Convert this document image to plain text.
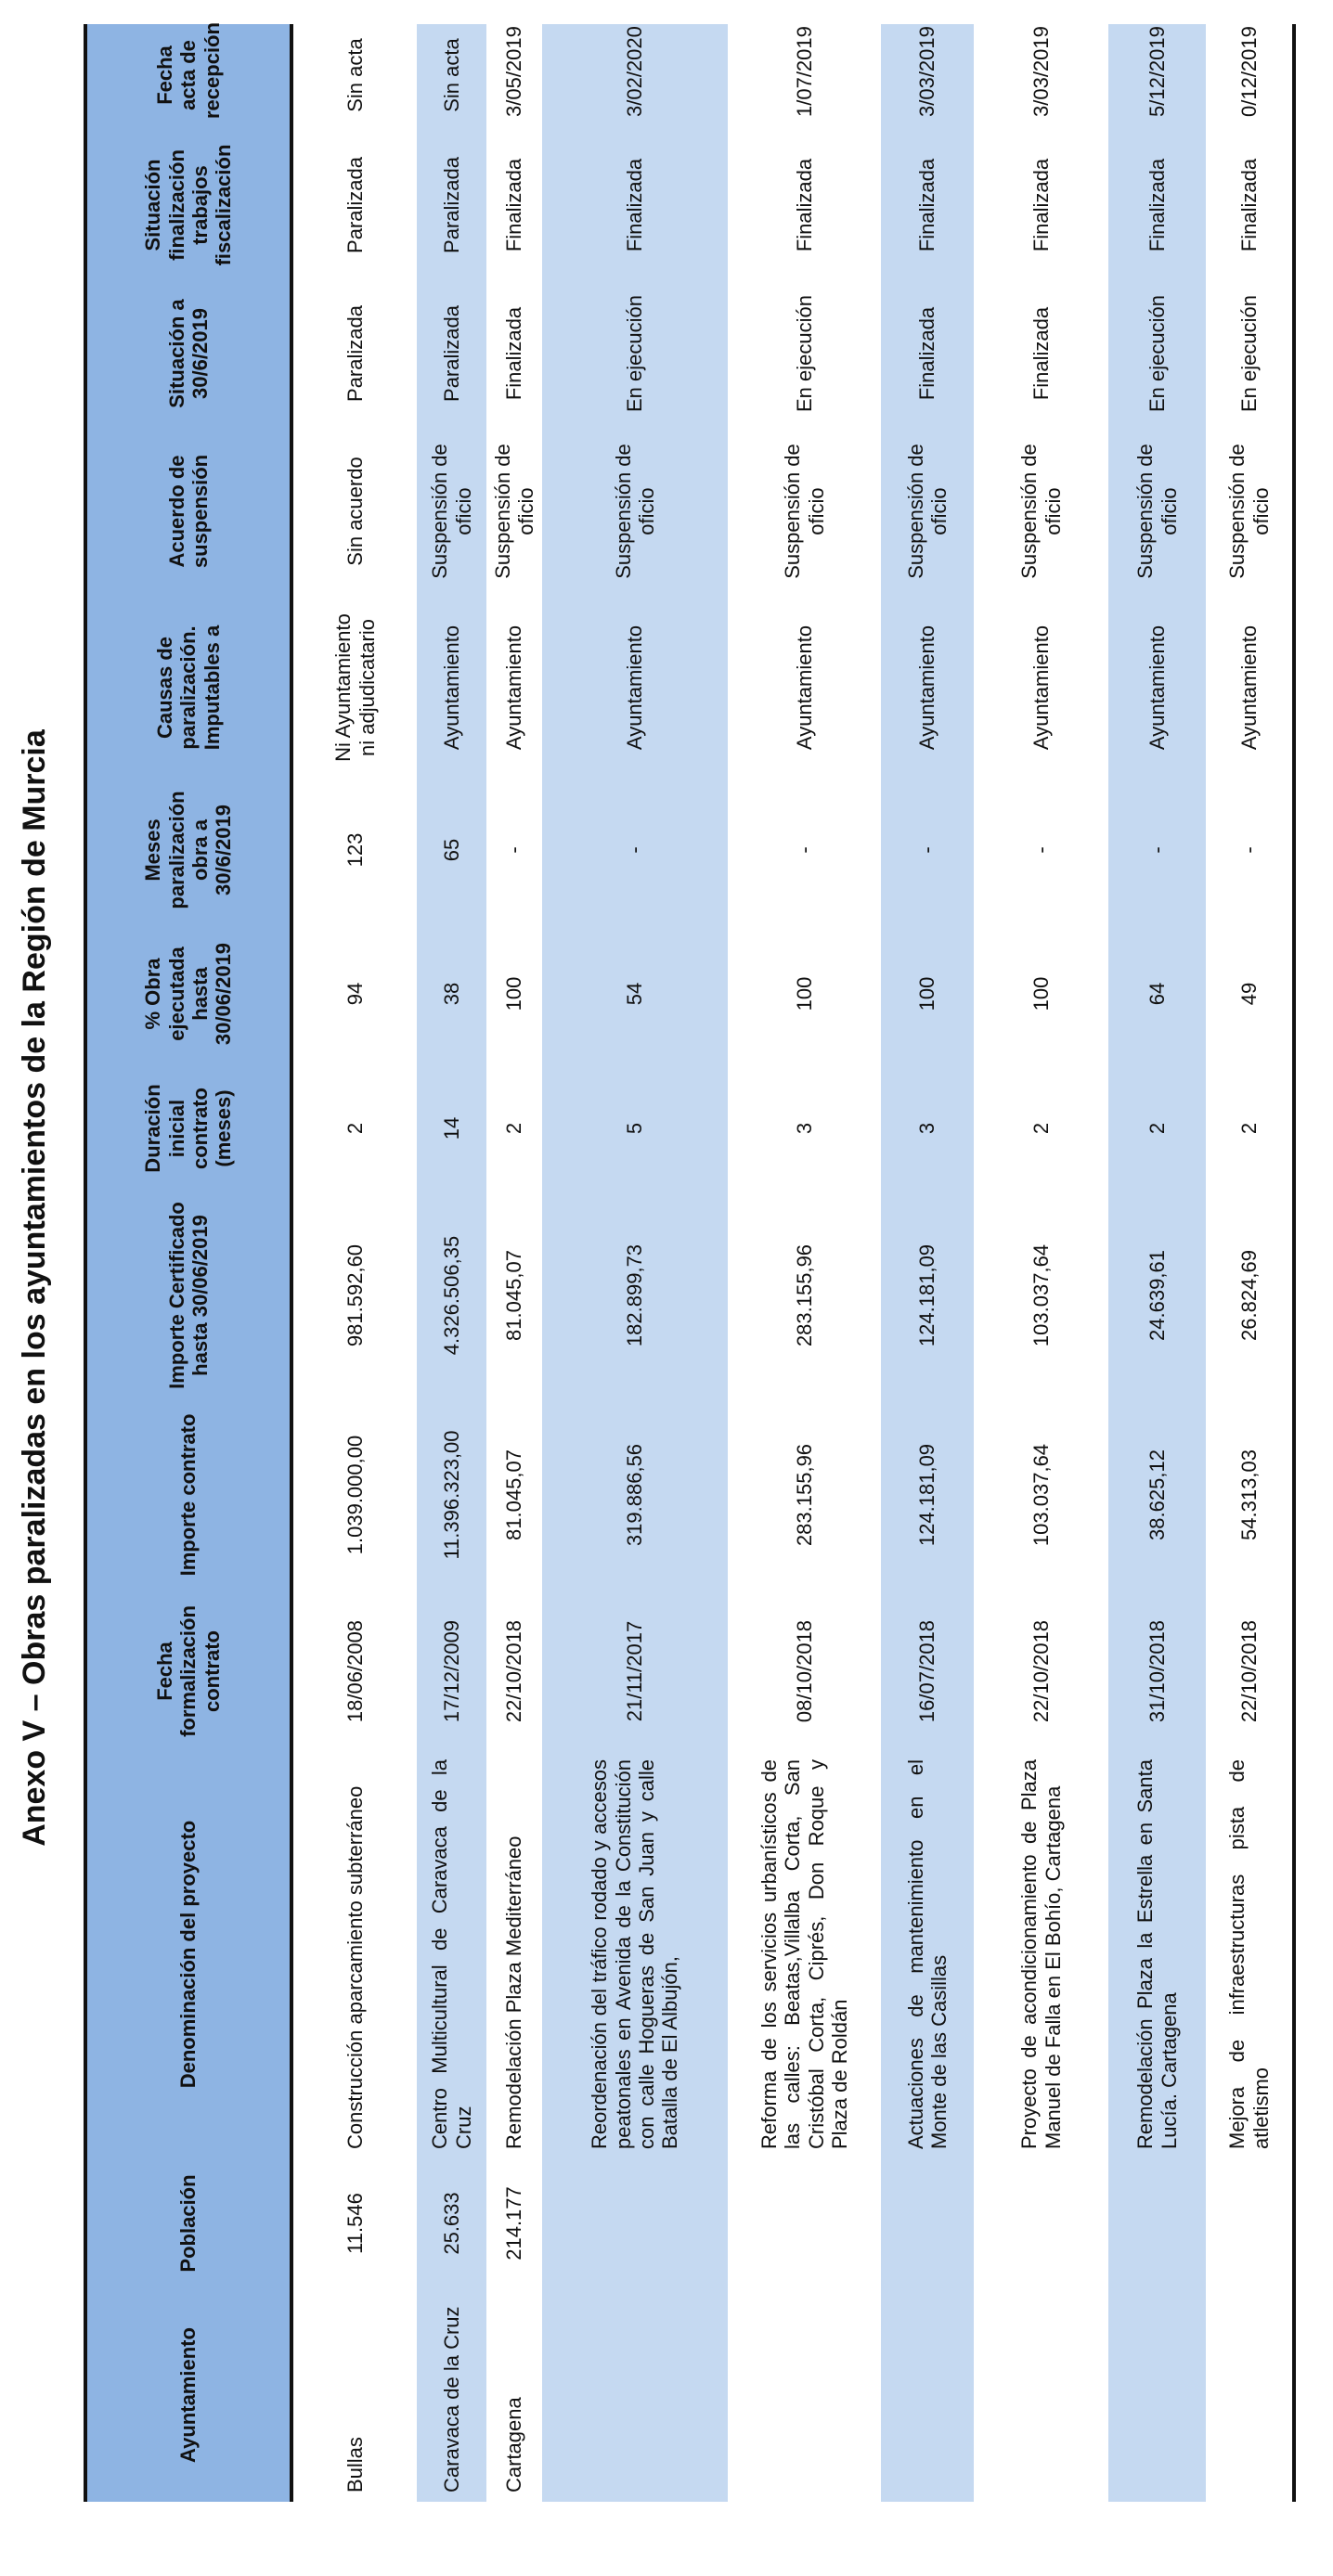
Anexo V – Obras paralizadas en los ayuntamientos de la Región de Murcia
Ayuntamiento	Población	Denominación del proyecto	Fecha formalización contrato	Importe contrato	Importe Certificado hasta 30/06/2019	Duración inicial contrato (meses)	% Obra ejecutada hasta 30/06/2019	Meses paralización obra a 30/6/2019	Causas de paralización. Imputables a	Acuerdo de suspensión	Situación a 30/6/2019	Situación finalización trabajos fiscalización	Fecha acta de recepción
Bullas	11.546	Construcción aparcamiento subterráneo	18/06/2008	1.039.000,00	981.592,60	2	94	123	Ni Ayuntamiento ni adjudicatario	Sin acuerdo	Paralizada	Paralizada	Sin acta
Caravaca de la Cruz	25.633	Centro Multicultural de Caravaca de la Cruz	17/12/2009	11.396.323,00	4.326.506,35	14	38	65	Ayuntamiento	Suspensión de oficio	Paralizada	Paralizada	Sin acta
Cartagena	214.177	Remodelación Plaza Mediterráneo	22/10/2018	81.045,07	81.045,07	2	100	-	Ayuntamiento	Suspensión de oficio	Finalizada	Finalizada	3/05/2019
		Reordenación del tráfico rodado y accesos peatonales en Avenida de la Constitución con calle Hogueras de San Juan y calle Batalla de El Albujón,	21/11/2017	319.886,56	182.899,73	5	54	-	Ayuntamiento	Suspensión de oficio	En ejecución	Finalizada	3/02/2020
		Reforma de los servicios urbanísticos de las calles: Beatas,Villalba Corta, San Cristóbal Corta, Ciprés, Don Roque y Plaza de Roldán	08/10/2018	283.155,96	283.155,96	3	100	-	Ayuntamiento	Suspensión de oficio	En ejecución	Finalizada	1/07/2019
		Actuaciones de mantenimiento en el Monte de las Casillas	16/07/2018	124.181,09	124.181,09	3	100	-	Ayuntamiento	Suspensión de oficio	Finalizada	Finalizada	3/03/2019
		Proyecto de acondicionamiento de Plaza Manuel de Falla en El Bohío, Cartagena	22/10/2018	103.037,64	103.037,64	2	100	-	Ayuntamiento	Suspensión de oficio	Finalizada	Finalizada	3/03/2019
		Remodelación Plaza la Estrella en Santa Lucía. Cartagena	31/10/2018	38.625,12	24.639,61	2	64	-	Ayuntamiento	Suspensión de oficio	En ejecución	Finalizada	5/12/2019
		Mejora de infraestructuras pista de atletismo	22/10/2018	54.313,03	26.824,69	2	49	-	Ayuntamiento	Suspensión de oficio	En ejecución	Finalizada	0/12/2019
